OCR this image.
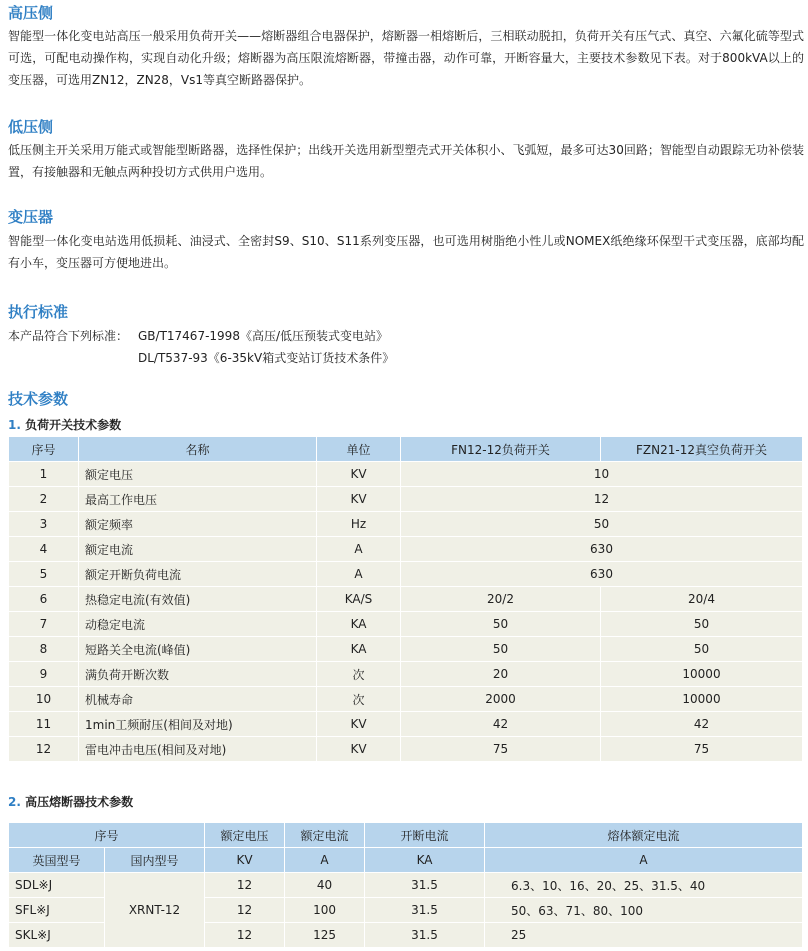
高压侧

智能型一体化变电站高压一般采用负荷开关——熔断器组合电器保护，熔断器一相熔断后，三相联动脱扣，负荷开关有压气式、真空、六氟化硫等型式可选，可配电动操作构，实现自动化升级；熔断器为高压限流熔断器，带撞击器，动作可靠，开断容量大，主要技术参数见下表。对于800kVA以上的变压器，可选用ZN12，ZN28，Vs1等真空断路器保护。

低压侧

低压侧主开关采用万能式或智能型断路器，选择性保护；出线开关选用新型塑壳式开关体积小、飞弧短，最多可达30回路；智能型自动跟踪无功补偿装置，有接触器和无触点两种投切方式供用户选用。

变压器

智能型一体化变电站选用低损耗、油浸式、全密封S9、S10、S11系列变压器，也可选用树脂绝小性儿或NOMEX纸绝缘环保型干式变压器，底部均配有小车，变压器可方便地进出。

执行标准
本产品符合下列标准： GB/T17467-1998《高压/低压预装式变电站》
DL/T537-93《6-35kV箱式变站订货技术条件》
技术参数
1. 负荷开关技术参数
序号	名称	单位	FN12-12负荷开关	FZN21-12真空负荷开关
1	额定电压	KV	10	
2	最高工作电压	KV	12	
3	额定频率	Hz	50	
4	额定电流	A	630	
5	额定开断负荷电流	A	630	
6	热稳定电流(有效值)	KA/S	20/2	20/4
7	动稳定电流	KA	50	50
8	短路关全电流(峰值)	KA	50	50
9	满负荷开断次数	次	20	10000
10	机械寿命	次	2000	10000
11	1min工频耐压(相间及对地)	KV	42	42
12	雷电冲击电压(相间及对地)	KV	75	75
2. 高压熔断器技术参数
序号		额定电压	额定电流	开断电流	熔体额定电流
英国型号	国内型号	KV	A	KA	A
SDL※J	XRNT-12	12	40	31.5	6.3、10、16、20、25、31.5、40
SFL※J		12	100	31.5	50、63、71、80、100
SKL※J		12	125	31.5	25
